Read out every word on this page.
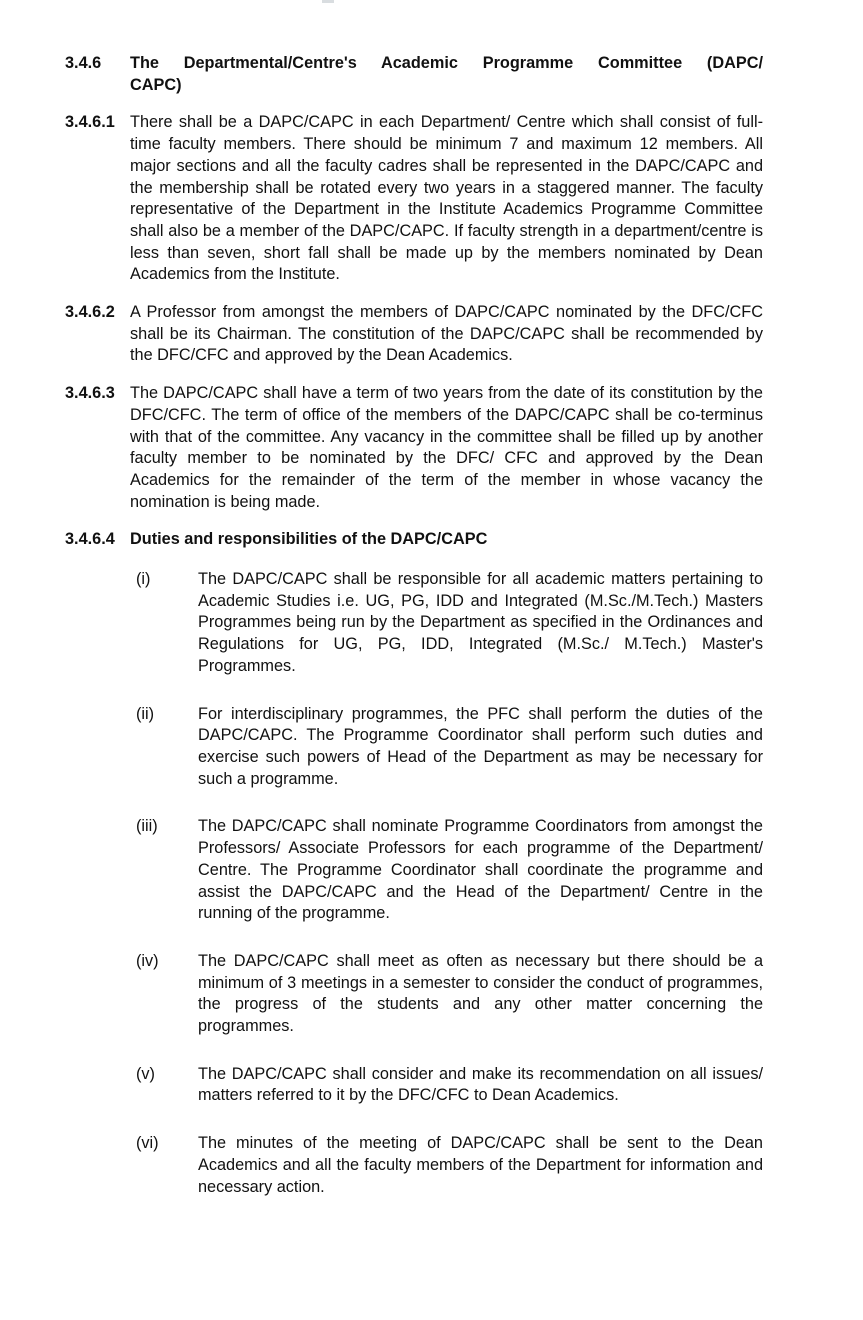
3.4.6	The Departmental/Centre's Academic Programme Committee (DAPC/
CAPC)
3.4.6.1 There shall be a DAPC/CAPC in each Department/ Centre which shall consist of full-time faculty members. There should be minimum 7 and maximum 12 members. All major sections and all the faculty cadres shall be represented in the DAPC/CAPC and the membership shall be rotated every two years in a staggered manner. The faculty representative of the Department in the Institute Academics Programme Committee shall also be a member of the DAPC/CAPC. If faculty strength in a department/centre is less than seven, short fall shall be made up by the members nominated by Dean Academics from the Institute.
3.4.6.2 A Professor from amongst the members of DAPC/CAPC nominated by the DFC/CFC shall be its Chairman. The constitution of the DAPC/CAPC shall be recommended by the DFC/CFC and approved by the Dean Academics.
3.4.6.3 The DAPC/CAPC shall have a term of two years from the date of its constitution by the DFC/CFC. The term of office of the members of the DAPC/CAPC shall be co-terminus with that of the committee. Any vacancy in the committee shall be filled up by another faculty member to be nominated by the DFC/ CFC and approved by the Dean Academics for the remainder of the term of the member in whose vacancy the nomination is being made.
3.4.6.4 Duties and responsibilities of the DAPC/CAPC
(i)	The DAPC/CAPC shall be responsible for all academic matters pertaining to Academic Studies i.e. UG, PG, IDD and Integrated (M.Sc./M.Tech.) Masters Programmes being run by the Department as specified in the Ordinances and Regulations for UG, PG, IDD, Integrated (M.Sc./ M.Tech.) Master's Programmes.
(ii)	For interdisciplinary programmes, the PFC shall perform the duties of the DAPC/CAPC. The Programme Coordinator shall perform such duties and exercise such powers of Head of the Department as may be necessary for such a programme.
(iii)	The DAPC/CAPC shall nominate Programme Coordinators from amongst the Professors/ Associate Professors for each programme of the Department/ Centre. The Programme Coordinator shall coordinate the programme and assist the DAPC/CAPC and the Head of the Department/ Centre in the running of the programme.
(iv)	The DAPC/CAPC shall meet as often as necessary but there should be a minimum of 3 meetings in a semester to consider the conduct of programmes, the progress of the students and any other matter concerning the programmes.
(v)	The DAPC/CAPC shall consider and make its recommendation on all issues/ matters referred to it by the DFC/CFC to Dean Academics.
(vi)	The minutes of the meeting of DAPC/CAPC shall be sent to the Dean Academics and all the faculty members of the Department for information and necessary action.
